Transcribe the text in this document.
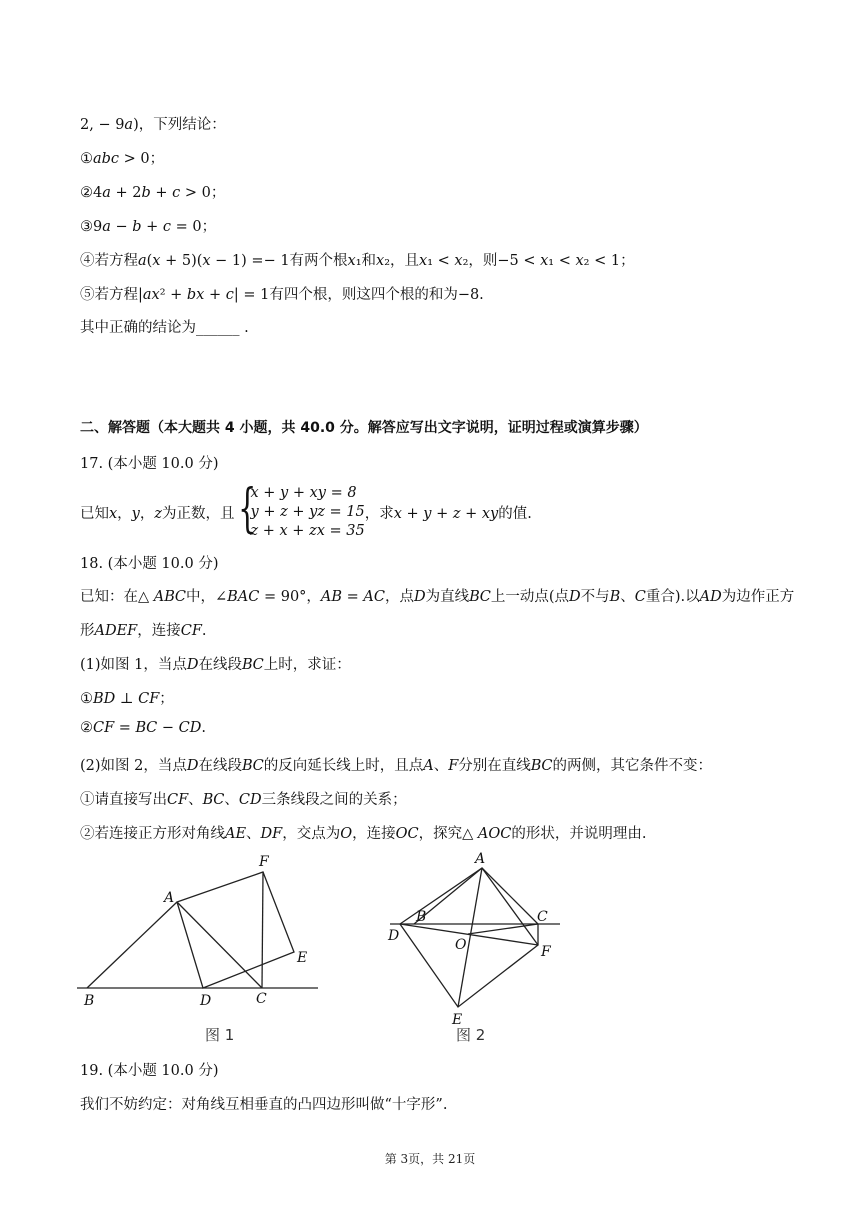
2, − 9𝑎)，下列结论：
①𝑎𝑏𝑐 > 0；
②4𝑎 + 2𝑏 + 𝑐 > 0；
③9𝑎 − 𝑏 + 𝑐 = 0；
④若方程𝑎(𝑥 + 5)(𝑥 − 1) =− 1有两个根𝑥₁和𝑥₂，且𝑥₁ < 𝑥₂，则−5 < 𝑥₁ < 𝑥₂ < 1；
⑤若方程|𝑎𝑥² + 𝑏𝑥 + 𝑐| = 1有四个根，则这四个根的和为−8.
其中正确的结论为______ .
二、解答题（本大题共 4 小题，共 40.0 分。解答应写出文字说明，证明过程或演算步骤）
17. (本小题 10.0 分)
已知𝑥，𝑦，𝑧为正数，且 {
𝑥 + 𝑦 + 𝑥𝑦 = 8
𝑦 + 𝑧 + 𝑦𝑧 = 15
𝑧 + 𝑥 + 𝑧𝑥 = 35
，求𝑥 + 𝑦 + 𝑧 + 𝑥𝑦的值.
18. (本小题 10.0 分)
已知：在△ 𝐴𝐵𝐶中，∠𝐵𝐴𝐶 = 90°，𝐴𝐵 = 𝐴𝐶，点𝐷为直线𝐵𝐶上一动点(点𝐷不与𝐵、𝐶重合).以𝐴𝐷为边作正方
形𝐴𝐷𝐸𝐹，连接𝐶𝐹.
(1)如图 1，当点𝐷在线段𝐵𝐶上时，求证：
①𝐵𝐷 ⊥ 𝐶𝐹；
②𝐶𝐹 = 𝐵𝐶 − 𝐶𝐷.
(2)如图 2，当点𝐷在线段𝐵𝐶的反向延长线上时，且点𝐴、𝐹分别在直线𝐵𝐶的两侧，其它条件不变：
①请直接写出𝐶𝐹、𝐵𝐶、𝐶𝐷三条线段之间的关系；
②若连接正方形对角线𝐴𝐸、𝐷𝐹，交点为𝑂，连接𝑂𝐶，探究△ 𝐴𝑂𝐶的形状，并说明理由.
F
A
E
B	D	C
图 1
A
B	C
D
O	F
E
图 2
19. (本小题 10.0 分)
我们不妨约定：对角线互相垂直的凸四边形叫做“十字形”.
第 3页，共 21页
